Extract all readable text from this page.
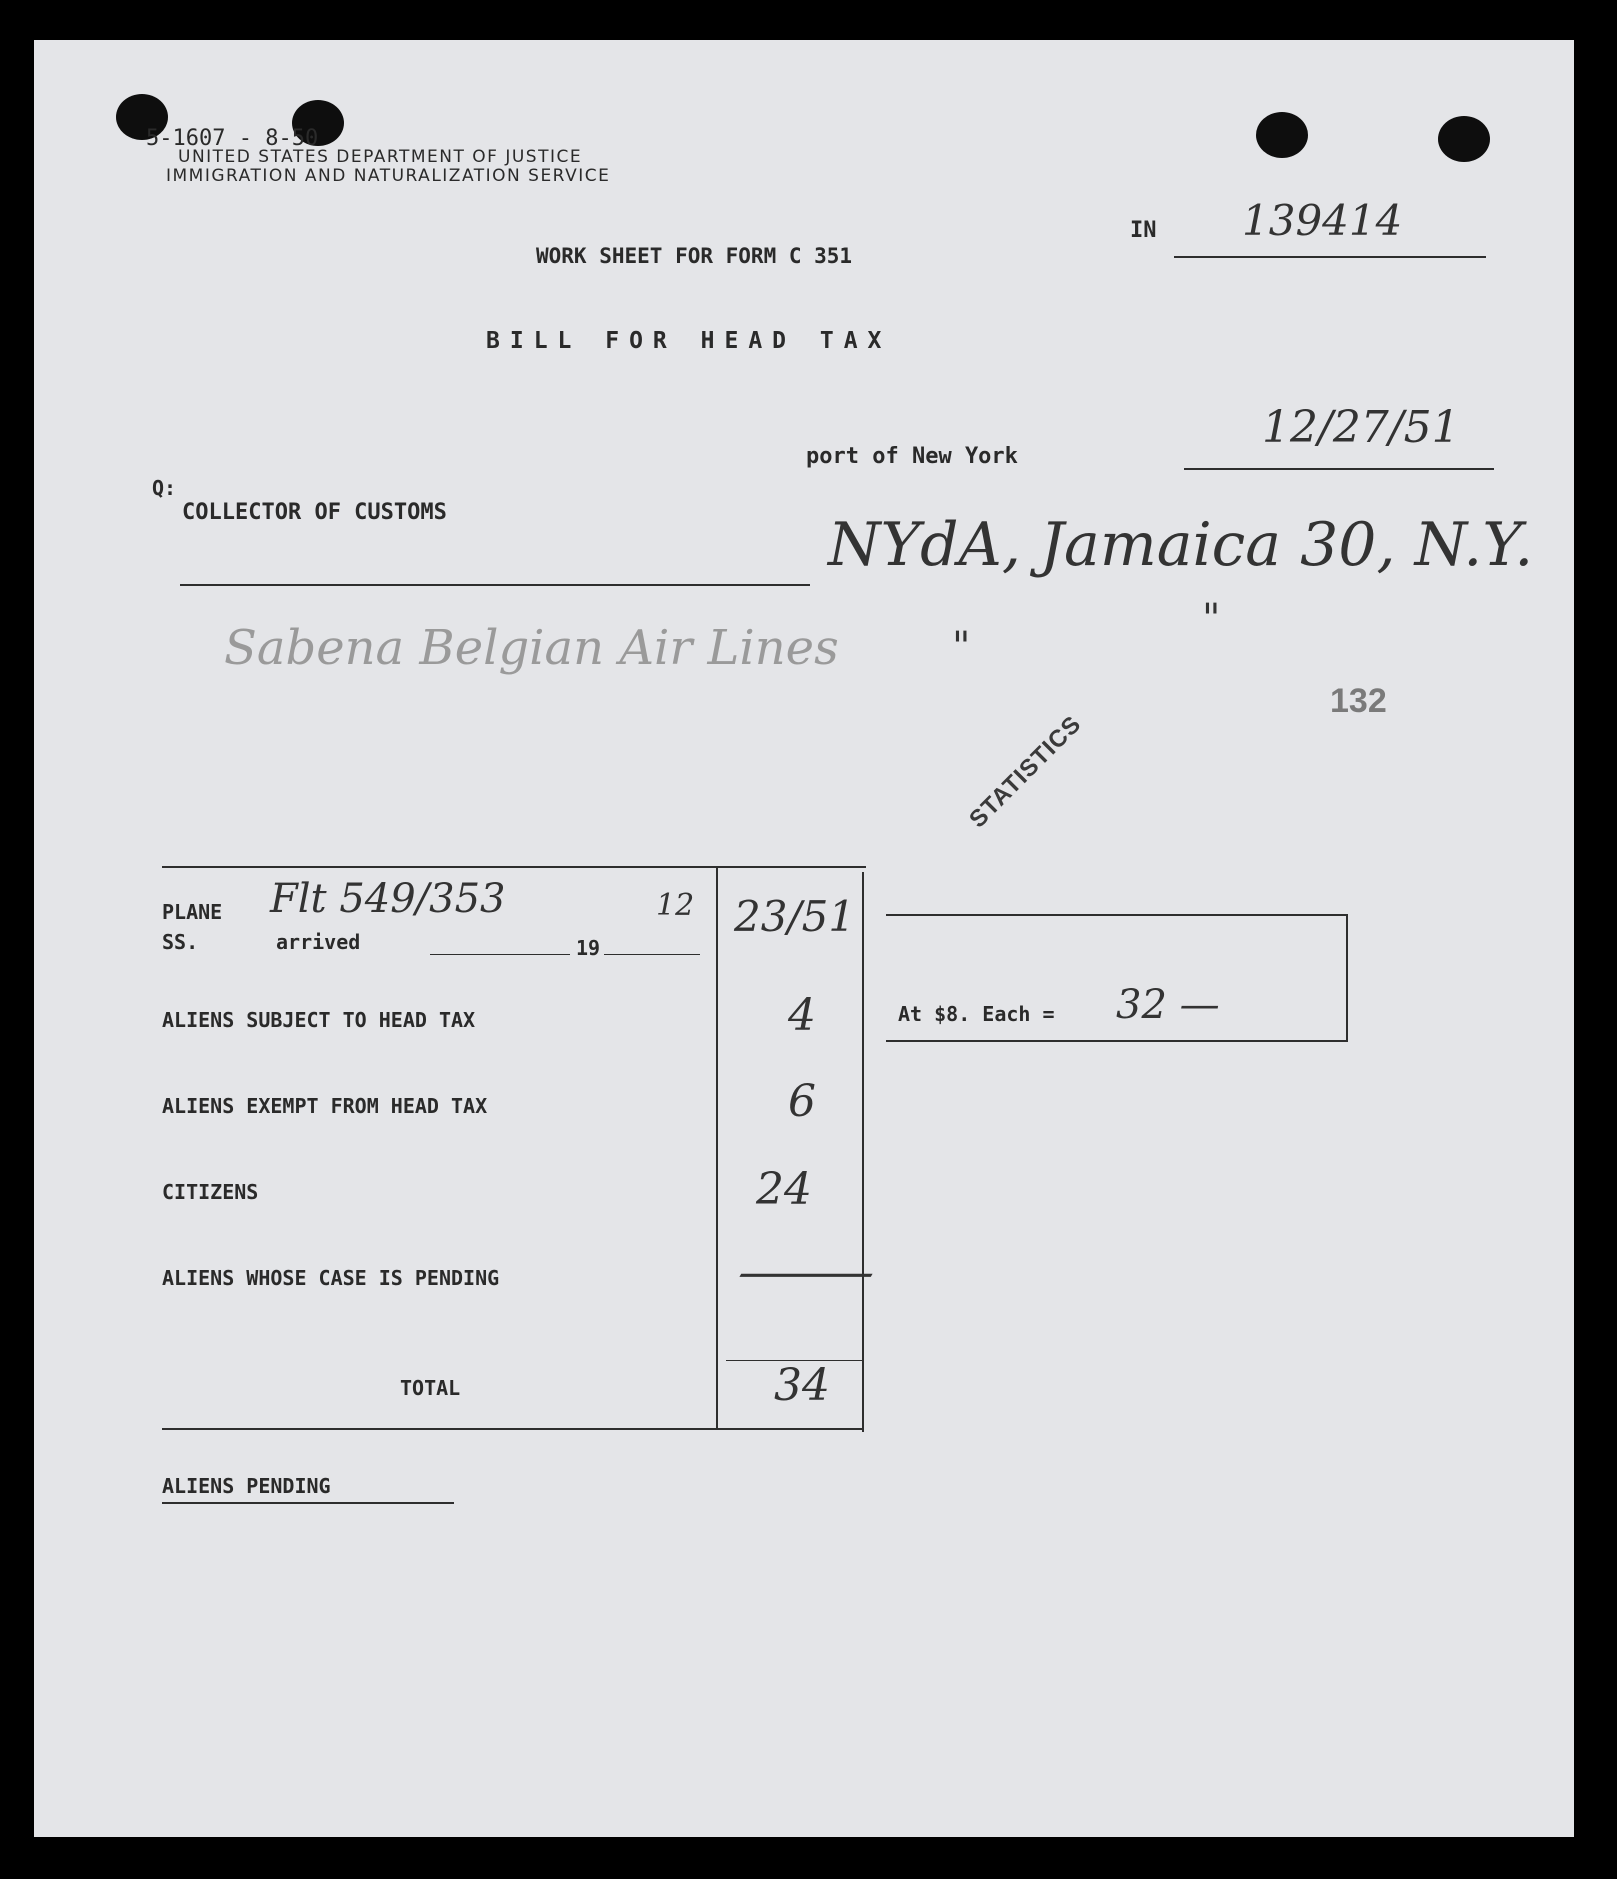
5-1607 - 8-50
UNITED STATES DEPARTMENT OF JUSTICE
IMMIGRATION AND NATURALIZATION SERVICE
IN 139414
WORK SHEET FOR FORM C 351
BILL FOR HEAD TAX
port of New York
12/27/51
Q:
COLLECTOR OF CUSTOMS	NYdA, Jamaica 30, N.Y.
Sabena Belgian Air Lines	"
"
STATISTICS
132
PLANE
SS.	arrived	19
Flt 549/353	12 23/51
ALIENS SUBJECT TO HEAD TAX	4
ALIENS EXEMPT FROM HEAD TAX	6
CITIZENS	24
ALIENS WHOSE CASE IS PENDING	—
TOTAL	34
At $8. Each = 32 —
ALIENS PENDING
